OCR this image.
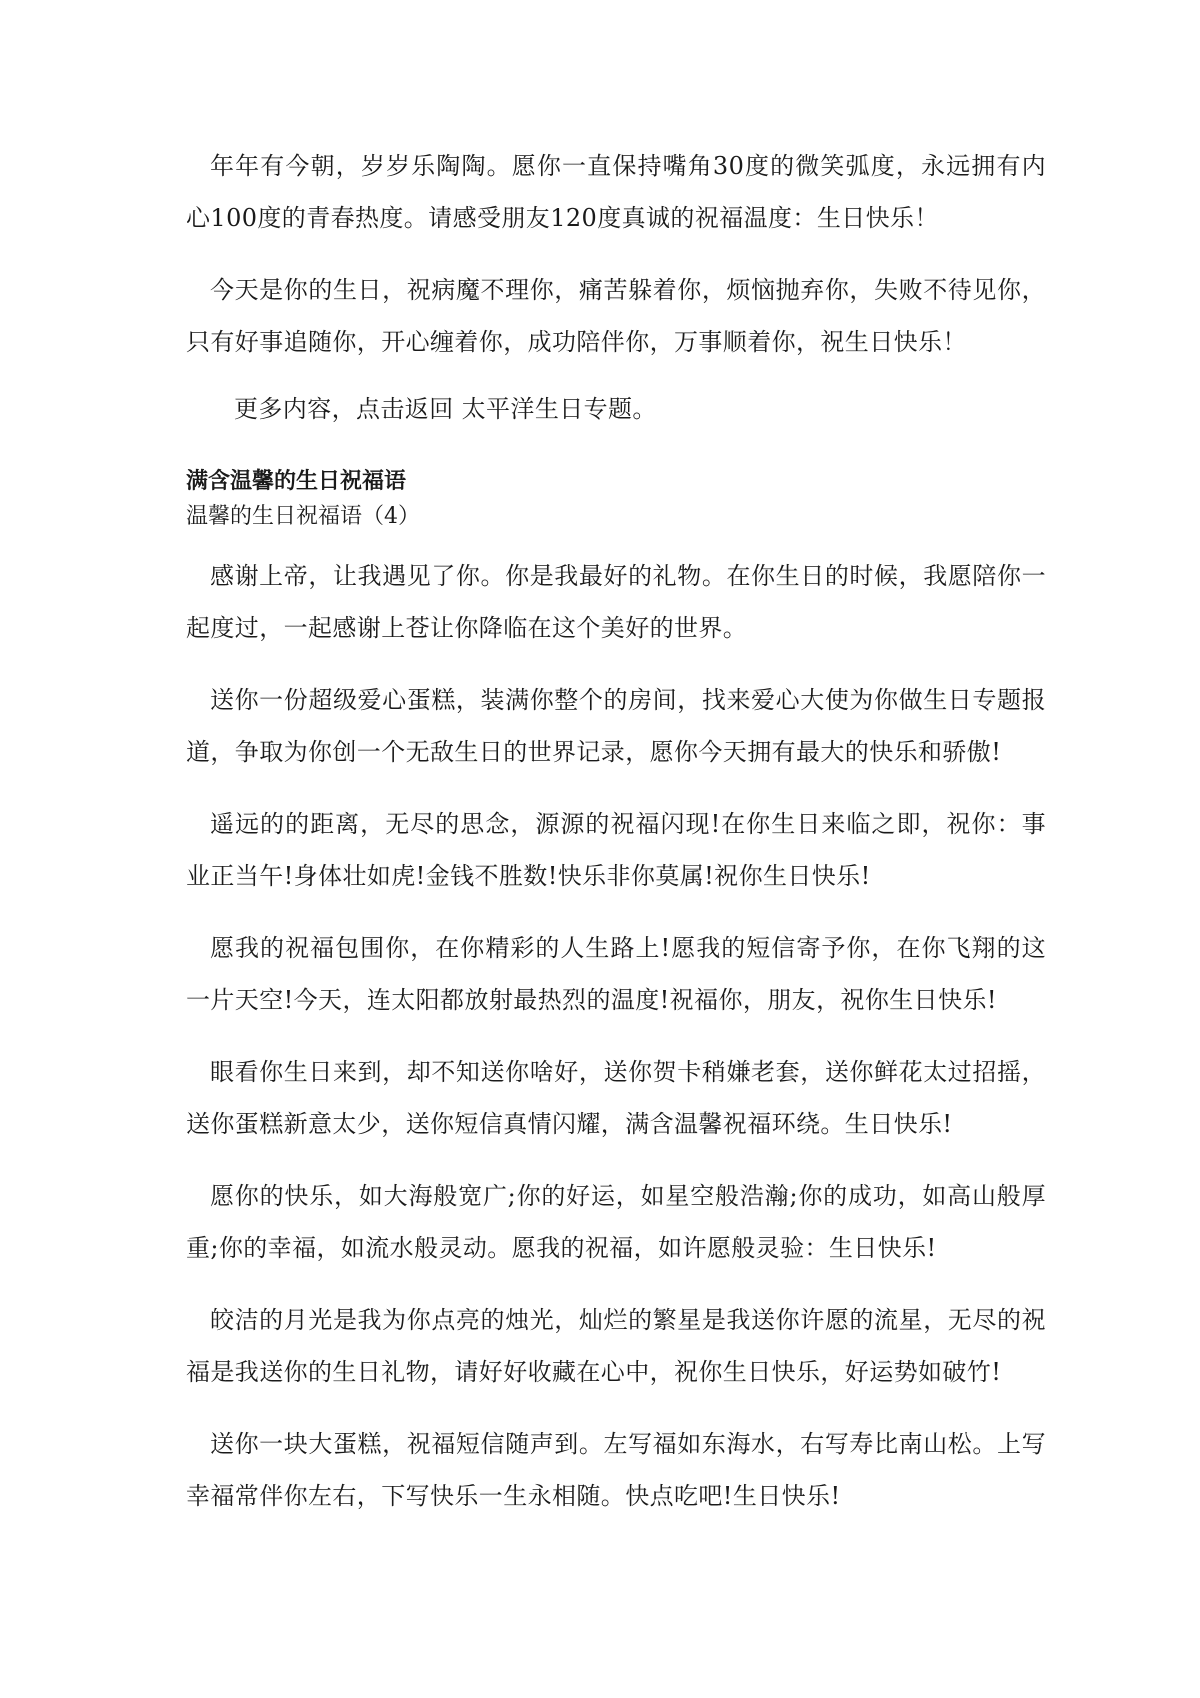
年年有今朝，岁岁乐陶陶。愿你一直保持嘴角30度的微笑弧度，永远拥有内心100度的青春热度。请感受朋友120度真诚的祝福温度：生日快乐！

今天是你的生日，祝病魔不理你，痛苦躲着你，烦恼抛弃你，失败不待见你，只有好事追随你，开心缠着你，成功陪伴你，万事顺着你，祝生日快乐！

更多内容，点击返回 太平洋生日专题。
满含温馨的生日祝福语
温馨的生日祝福语（4）

感谢上帝，让我遇见了你。你是我最好的礼物。在你生日的时候，我愿陪你一起度过，一起感谢上苍让你降临在这个美好的世界。

送你一份超级爱心蛋糕，装满你整个的房间，找来爱心大使为你做生日专题报道，争取为你创一个无敌生日的世界记录，愿你今天拥有最大的快乐和骄傲!

遥远的的距离，无尽的思念，源源的祝福闪现!在你生日来临之即，祝你：事业正当午!身体壮如虎!金钱不胜数!快乐非你莫属!祝你生日快乐!

愿我的祝福包围你，在你精彩的人生路上!愿我的短信寄予你，在你飞翔的这一片天空!今天，连太阳都放射最热烈的温度!祝福你，朋友，祝你生日快乐!

眼看你生日来到，却不知送你啥好，送你贺卡稍嫌老套，送你鲜花太过招摇，送你蛋糕新意太少，送你短信真情闪耀，满含温馨祝福环绕。生日快乐!

愿你的快乐，如大海般宽广;你的好运，如星空般浩瀚;你的成功，如高山般厚重;你的幸福，如流水般灵动。愿我的祝福，如许愿般灵验：生日快乐!

皎洁的月光是我为你点亮的烛光，灿烂的繁星是我送你许愿的流星，无尽的祝福是我送你的生日礼物，请好好收藏在心中，祝你生日快乐，好运势如破竹!

送你一块大蛋糕，祝福短信随声到。左写福如东海水，右写寿比南山松。上写幸福常伴你左右，下写快乐一生永相随。快点吃吧!生日快乐!
